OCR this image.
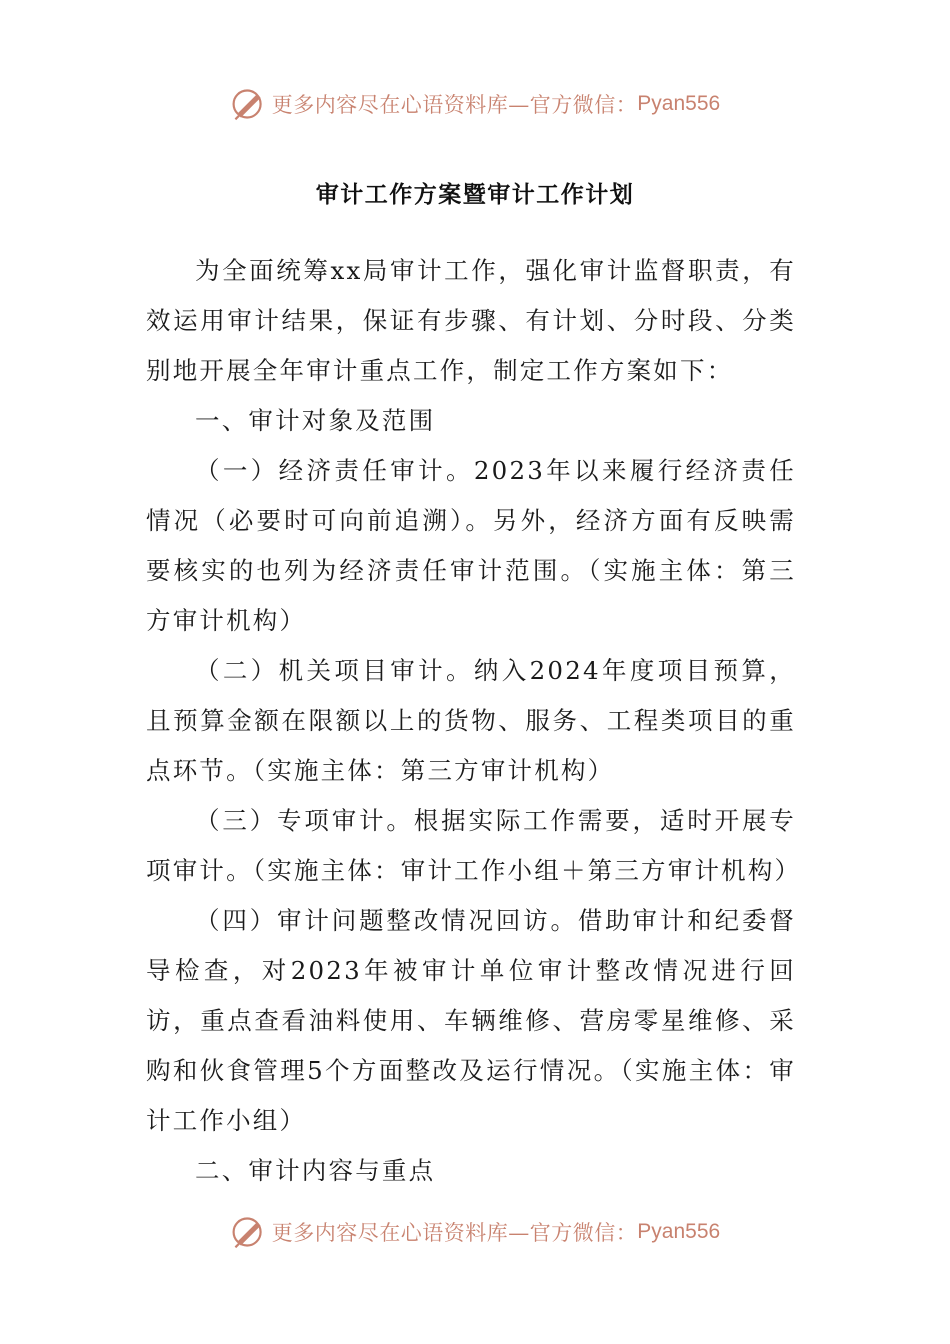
更多内容尽在心语资料库—官方微信： Pyan556
审计工作方案暨审计工作计划

为全面统筹xx局审计工作，强化审计监督职责，有效运用审计结果，保证有步骤、有计划、分时段、分类别地开展全年审计重点工作，制定工作方案如下：

一、审计对象及范围

（一）经济责任审计。2023年以来履行经济责任情况（必要时可向前追溯）。另外，经济方面有反映需要核实的也列为经济责任审计范围。（实施主体：第三方审计机构）

（二）机关项目审计。纳入2024年度项目预算，且预算金额在限额以上的货物、服务、工程类项目的重点环节。（实施主体：第三方审计机构）

（三）专项审计。根据实际工作需要，适时开展专项审计。（实施主体：审计工作小组＋第三方审计机构）

（四）审计问题整改情况回访。借助审计和纪委督导检查，对2023年被审计单位审计整改情况进行回访，重点查看油料使用、车辆维修、营房零星维修、采购和伙食管理5个方面整改及运行情况。（实施主体：审计工作小组）

二、审计内容与重点

更多内容尽在心语资料库—官方微信： Pyan556
